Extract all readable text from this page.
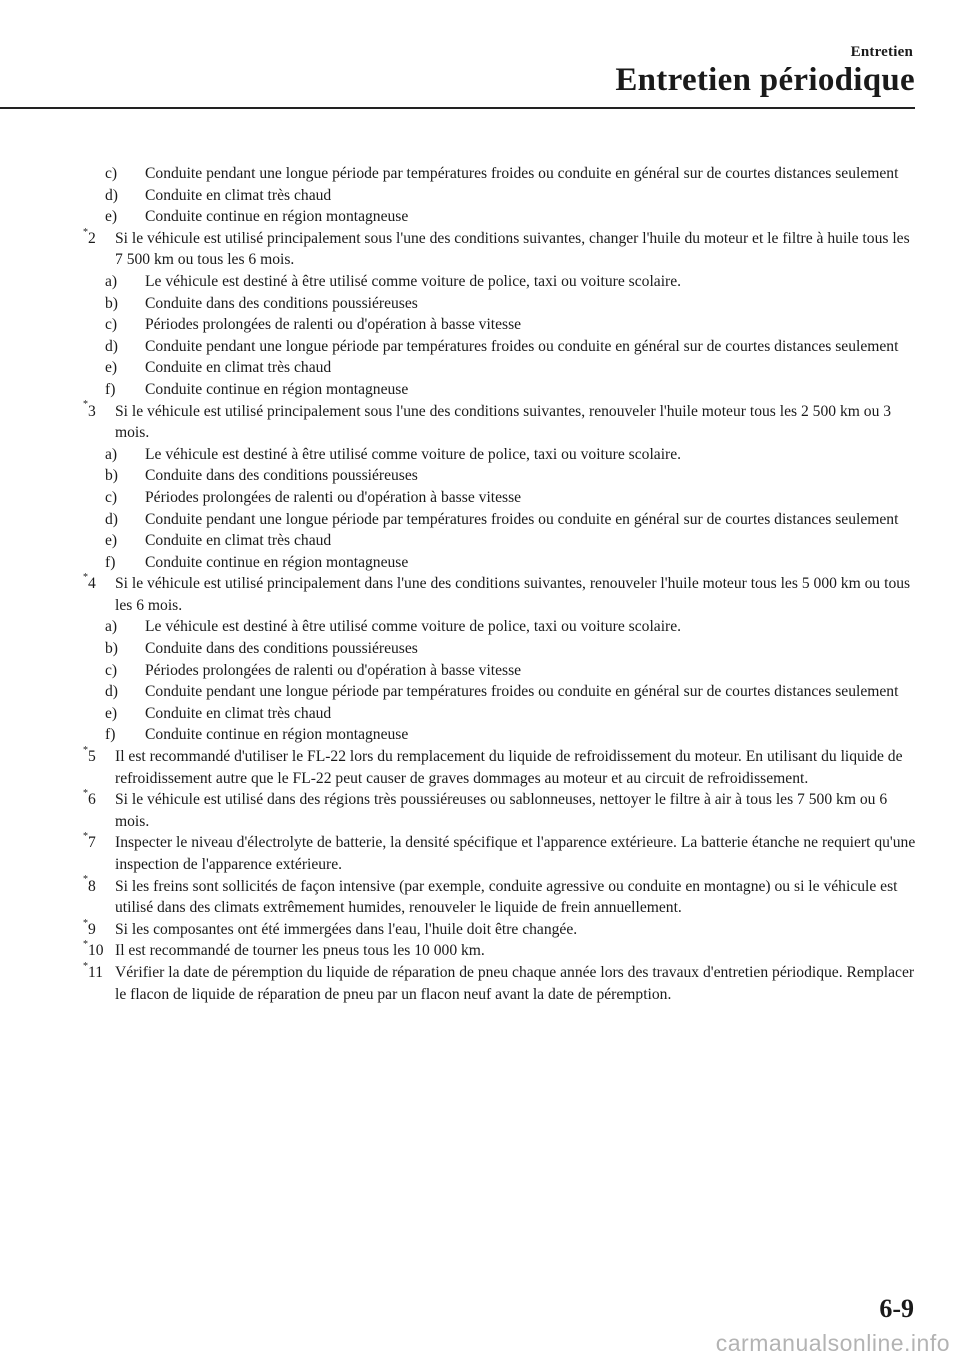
Entretien
Entretien périodique
c) Conduite pendant une longue période par températures froides ou conduite en général sur de courtes distances seulement
d) Conduite en climat très chaud
e) Conduite continue en région montagneuse
*2 Si le véhicule est utilisé principalement sous l'une des conditions suivantes, changer l'huile du moteur et le filtre à huile tous les 7 500 km ou tous les 6 mois.
a) Le véhicule est destiné à être utilisé comme voiture de police, taxi ou voiture scolaire.
b) Conduite dans des conditions poussiéreuses
c) Périodes prolongées de ralenti ou d'opération à basse vitesse
d) Conduite pendant une longue période par températures froides ou conduite en général sur de courtes distances seulement
e) Conduite en climat très chaud
f) Conduite continue en région montagneuse
*3 Si le véhicule est utilisé principalement sous l'une des conditions suivantes, renouveler l'huile moteur tous les 2 500 km ou 3 mois.
a) Le véhicule est destiné à être utilisé comme voiture de police, taxi ou voiture scolaire.
b) Conduite dans des conditions poussiéreuses
c) Périodes prolongées de ralenti ou d'opération à basse vitesse
d) Conduite pendant une longue période par températures froides ou conduite en général sur de courtes distances seulement
e) Conduite en climat très chaud
f) Conduite continue en région montagneuse
*4 Si le véhicule est utilisé principalement dans l'une des conditions suivantes, renouveler l'huile moteur tous les 5 000 km ou tous les 6 mois.
a) Le véhicule est destiné à être utilisé comme voiture de police, taxi ou voiture scolaire.
b) Conduite dans des conditions poussiéreuses
c) Périodes prolongées de ralenti ou d'opération à basse vitesse
d) Conduite pendant une longue période par températures froides ou conduite en général sur de courtes distances seulement
e) Conduite en climat très chaud
f) Conduite continue en région montagneuse
*5 Il est recommandé d'utiliser le FL-22 lors du remplacement du liquide de refroidissement du moteur. En utilisant du liquide de refroidissement autre que le FL-22 peut causer de graves dommages au moteur et au circuit de refroidissement.
*6 Si le véhicule est utilisé dans des régions très poussiéreuses ou sablonneuses, nettoyer le filtre à air à tous les 7 500 km ou 6 mois.
*7 Inspecter le niveau d'électrolyte de batterie, la densité spécifique et l'apparence extérieure. La batterie étanche ne requiert qu'une inspection de l'apparence extérieure.
*8 Si les freins sont sollicités de façon intensive (par exemple, conduite agressive ou conduite en montagne) ou si le véhicule est utilisé dans des climats extrêmement humides, renouveler le liquide de frein annuellement.
*9 Si les composantes ont été immergées dans l'eau, l'huile doit être changée.
*10 Il est recommandé de tourner les pneus tous les 10 000 km.
*11 Vérifier la date de péremption du liquide de réparation de pneu chaque année lors des travaux d'entretien périodique. Remplacer le flacon de liquide de réparation de pneu par un flacon neuf avant la date de péremption.
6-9
carmanualsonline.info
